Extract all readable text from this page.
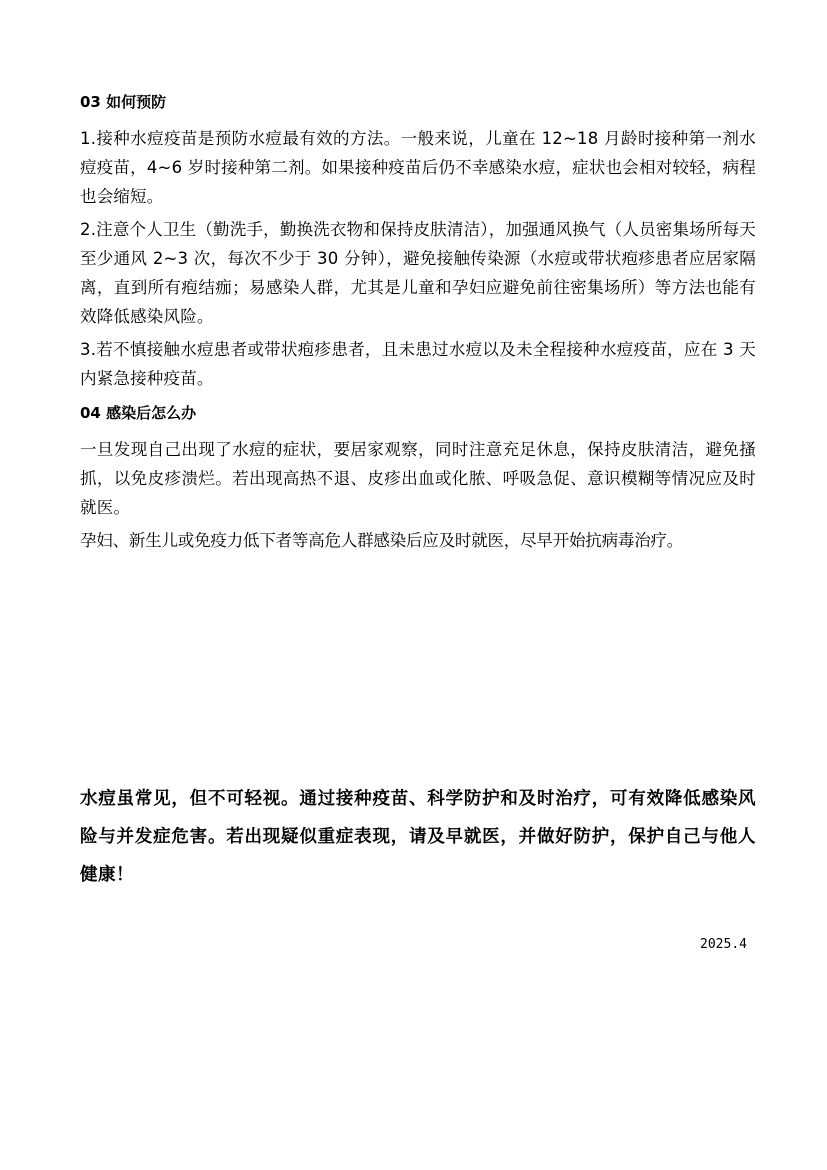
03 如何预防

1.接种水痘疫苗是预防水痘最有效的方法。一般来说，儿童在 12~18 月龄时接种第一剂水痘疫苗，4~6 岁时接种第二剂。如果接种疫苗后仍不幸感染水痘，症状也会相对较轻，病程也会缩短。

2.注意个人卫生（勤洗手，勤换洗衣物和保持皮肤清洁），加强通风换气（人员密集场所每天至少通风 2~3 次，每次不少于 30 分钟），避免接触传染源（水痘或带状疱疹患者应居家隔离，直到所有疱结痂；易感染人群，尤其是儿童和孕妇应避免前往密集场所）等方法也能有效降低感染风险。

3.若不慎接触水痘患者或带状疱疹患者，且未患过水痘以及未全程接种水痘疫苗，应在 3 天内紧急接种疫苗。

04 感染后怎么办

一旦发现自己出现了水痘的症状，要居家观察，同时注意充足休息，保持皮肤清洁，避免搔抓，以免皮疹溃烂。若出现高热不退、皮疹出血或化脓、呼吸急促、意识模糊等情况应及时就医。

孕妇、新生儿或免疫力低下者等高危人群感染后应及时就医，尽早开始抗病毒治疗。

水痘虽常见，但不可轻视。通过接种疫苗、科学防护和及时治疗，可有效降低感染风险与并发症危害。若出现疑似重症表现，请及早就医，并做好防护，保护自己与他人健康！
2025.4
